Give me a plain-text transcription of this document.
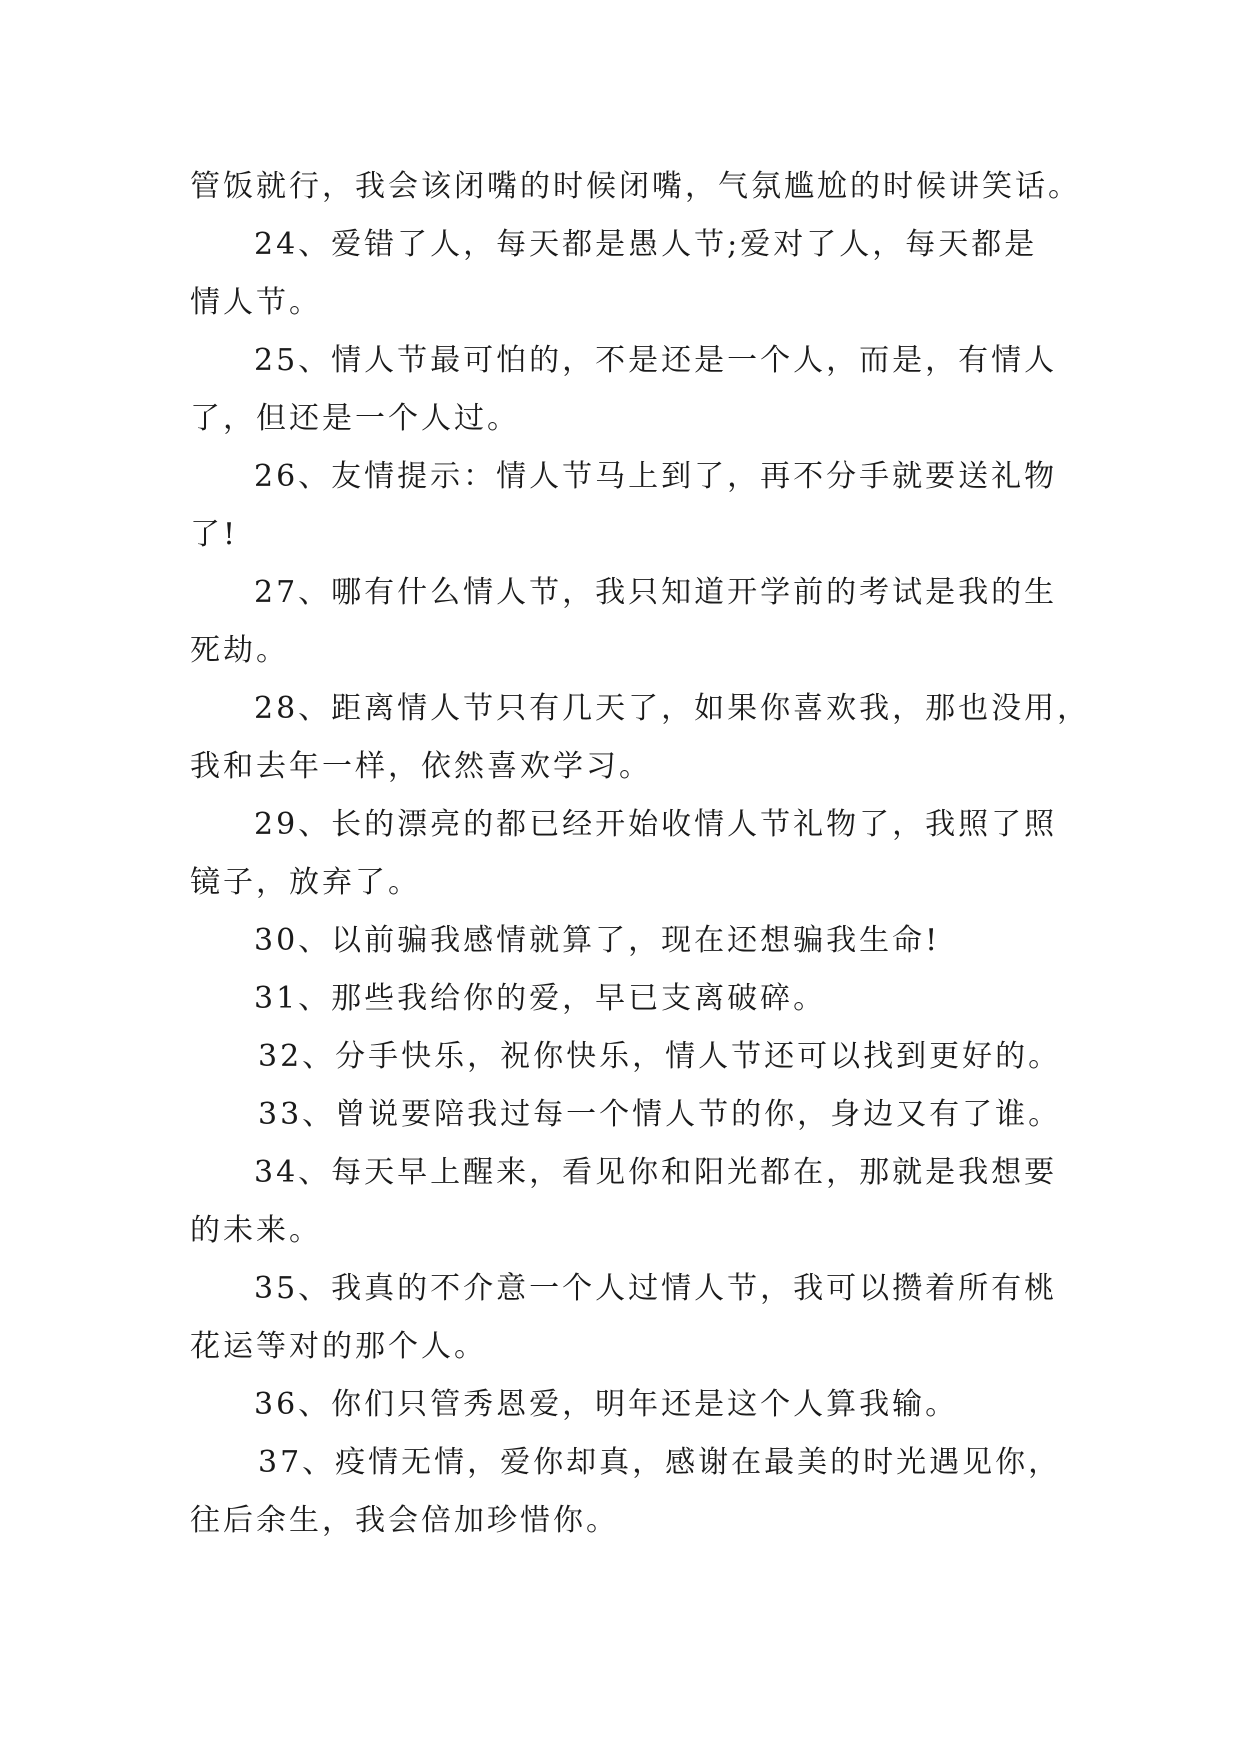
管饭就行，我会该闭嘴的时候闭嘴，气氛尴尬的时候讲笑话。
24、爱错了人，每天都是愚人节;爱对了人，每天都是
情人节。
25、情人节最可怕的，不是还是一个人，而是，有情人
了，但还是一个人过。
26、友情提示：情人节马上到了，再不分手就要送礼物
了!
27、哪有什么情人节，我只知道开学前的考试是我的生
死劫。
28、距离情人节只有几天了，如果你喜欢我，那也没用，
我和去年一样，依然喜欢学习。
29、长的漂亮的都已经开始收情人节礼物了，我照了照
镜子，放弃了。
30、以前骗我感情就算了，现在还想骗我生命!
31、那些我给你的爱，早已支离破碎。
32、分手快乐，祝你快乐，情人节还可以找到更好的。
33、曾说要陪我过每一个情人节的你，身边又有了谁。
34、每天早上醒来，看见你和阳光都在，那就是我想要
的未来。
35、我真的不介意一个人过情人节，我可以攒着所有桃
花运等对的那个人。
36、你们只管秀恩爱，明年还是这个人算我输。
37、疫情无情，爱你却真，感谢在最美的时光遇见你，
往后余生，我会倍加珍惜你。
